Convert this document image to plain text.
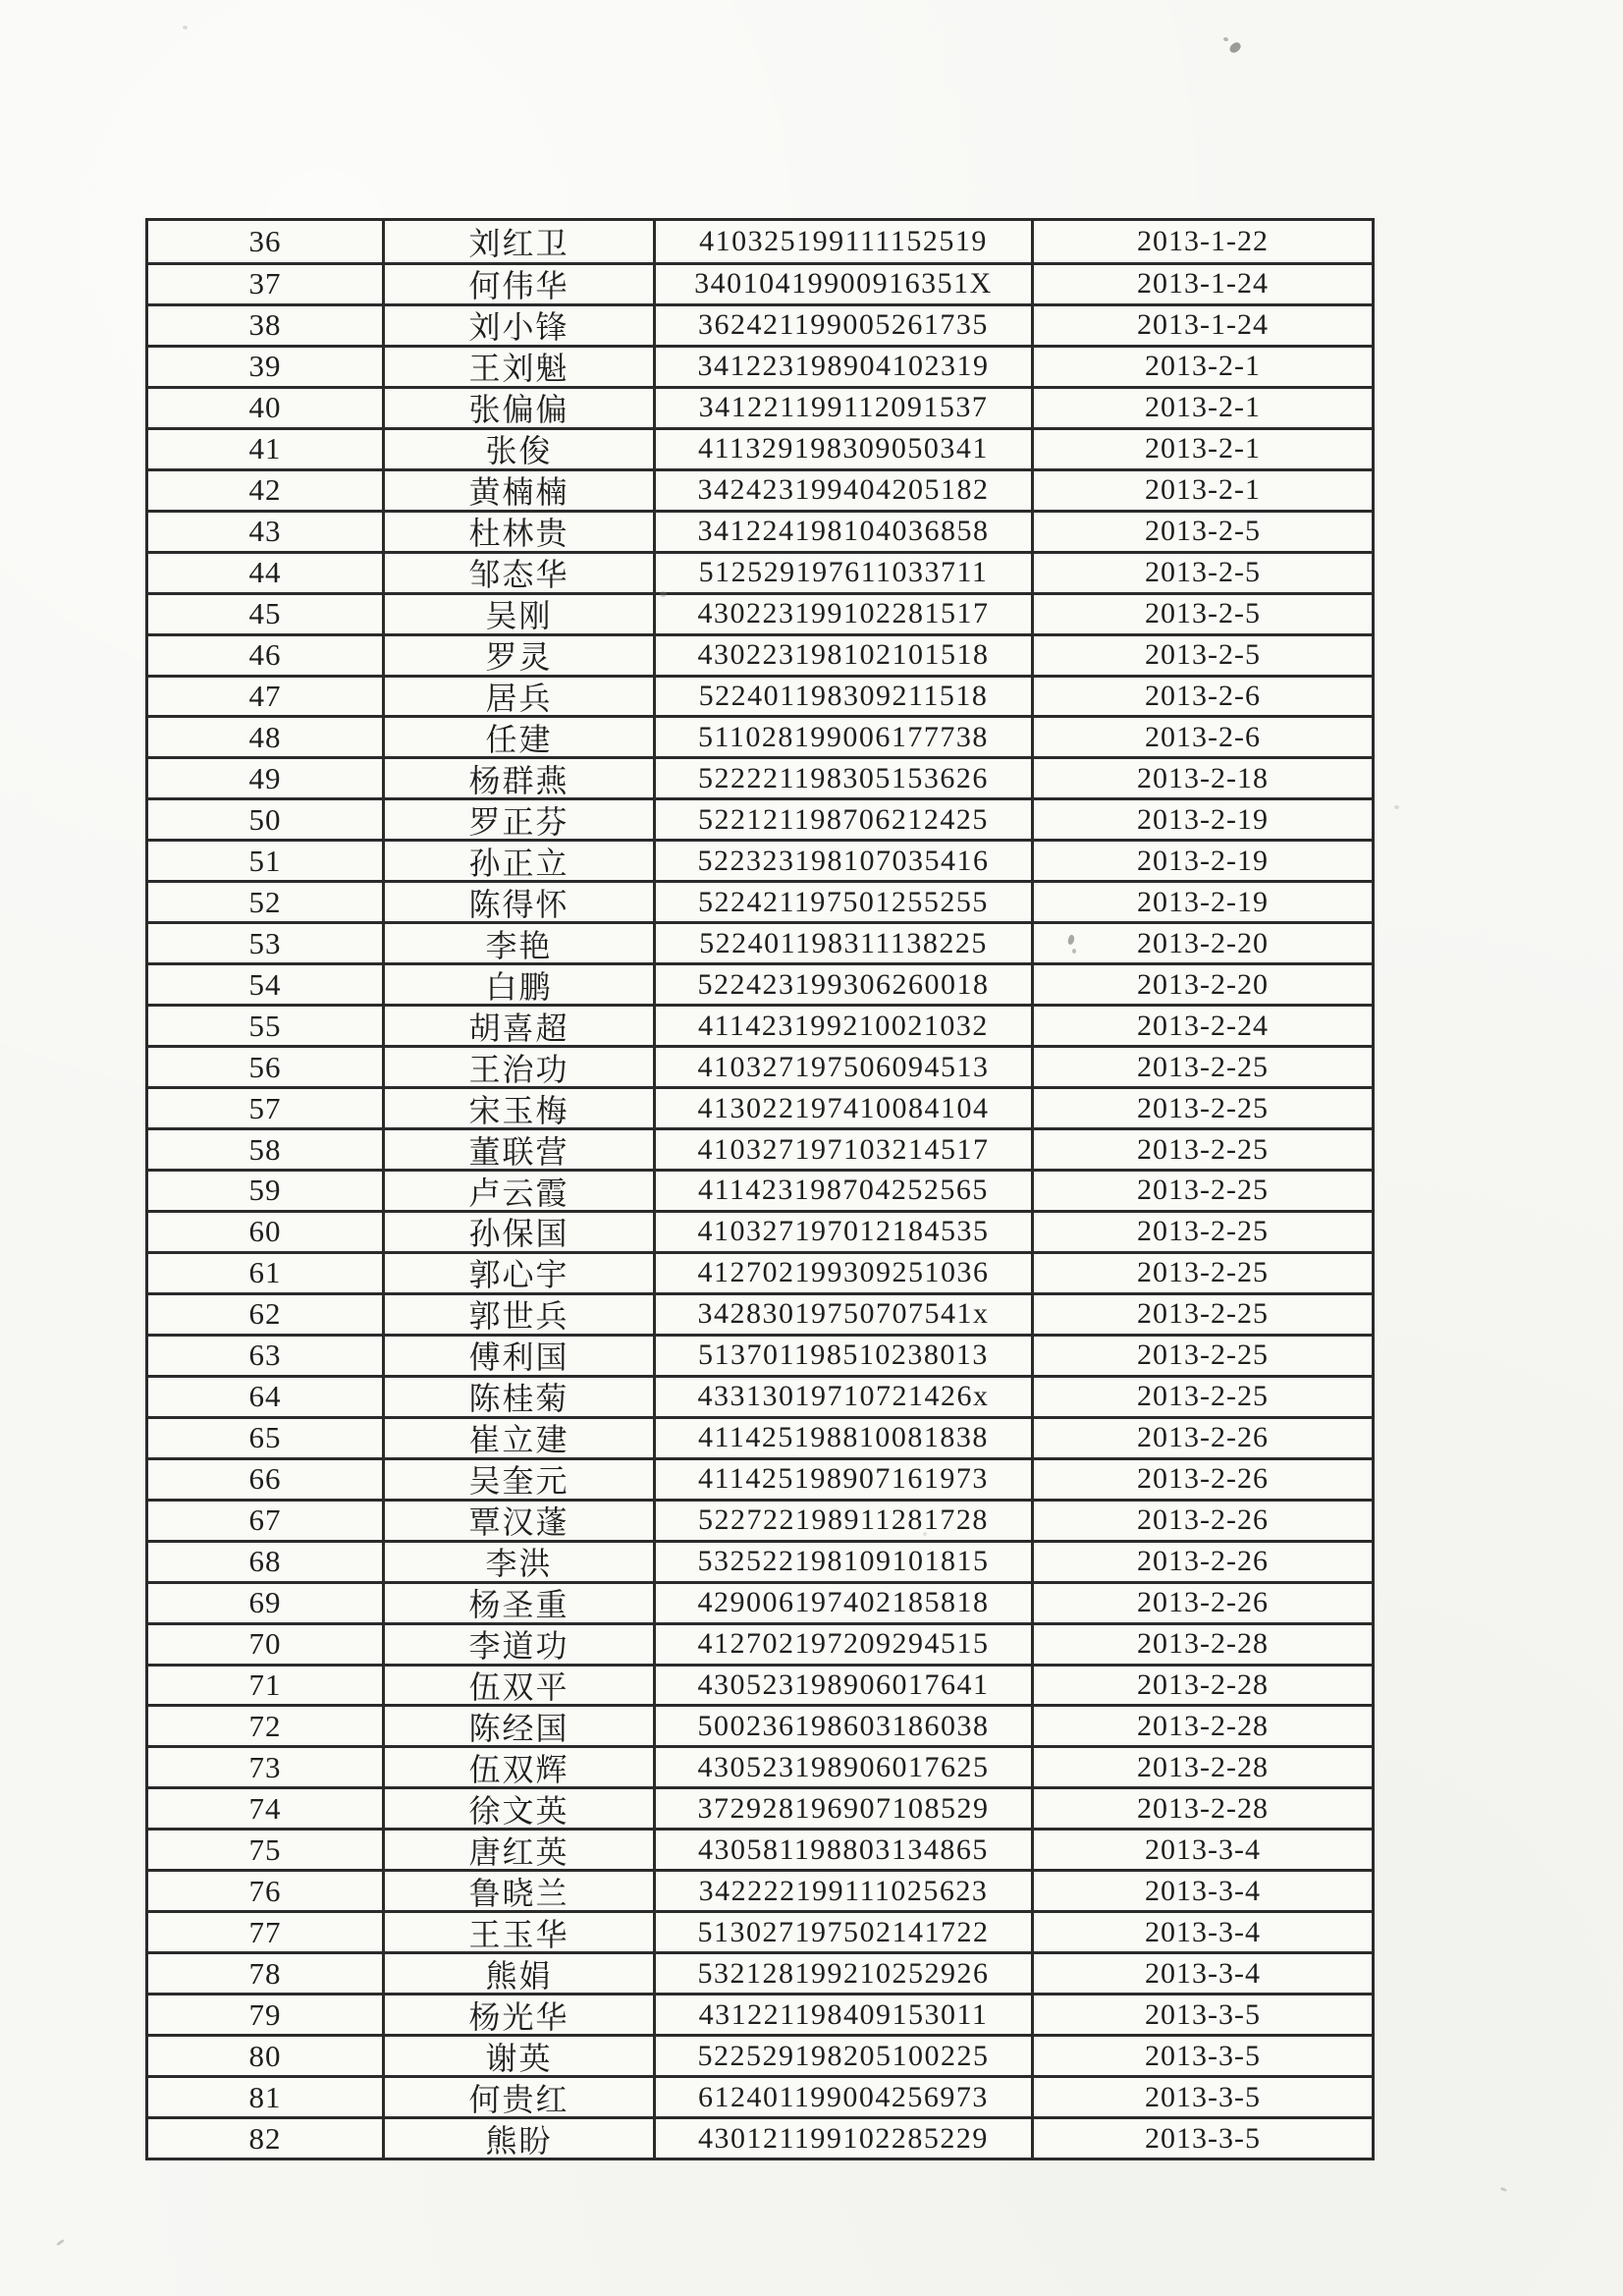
36	刘红卫	410325199111152519	2013-1-22
37	何伟华	34010419900916351X	2013-1-24
38	刘小锋	362421199005261735	2013-1-24
39	王刘魁	341223198904102319	2013-2-1
40	张偏偏	341221199112091537	2013-2-1
41	张俊	411329198309050341	2013-2-1
42	黄楠楠	342423199404205182	2013-2-1
43	杜林贵	341224198104036858	2013-2-5
44	邹态华	512529197611033711	2013-2-5
45	吴刚	430223199102281517	2013-2-5
46	罗灵	430223198102101518	2013-2-5
47	居兵	522401198309211518	2013-2-6
48	任建	511028199006177738	2013-2-6
49	杨群燕	522221198305153626	2013-2-18
50	罗正芬	522121198706212425	2013-2-19
51	孙正立	522323198107035416	2013-2-19
52	陈得怀	522421197501255255	2013-2-19
53	李艳	522401198311138225	2013-2-20
54	白鹏	522423199306260018	2013-2-20
55	胡喜超	411423199210021032	2013-2-24
56	王治功	410327197506094513	2013-2-25
57	宋玉梅	413022197410084104	2013-2-25
58	董联营	410327197103214517	2013-2-25
59	卢云霞	411423198704252565	2013-2-25
60	孙保国	410327197012184535	2013-2-25
61	郭心宇	412702199309251036	2013-2-25
62	郭世兵	34283019750707541x	2013-2-25
63	傅利国	513701198510238013	2013-2-25
64	陈桂菊	43313019710721426x	2013-2-25
65	崔立建	411425198810081838	2013-2-26
66	吴奎元	411425198907161973	2013-2-26
67	覃汉蓬	522722198911281728	2013-2-26
68	李洪	532522198109101815	2013-2-26
69	杨圣重	429006197402185818	2013-2-26
70	李道功	412702197209294515	2013-2-28
71	伍双平	430523198906017641	2013-2-28
72	陈经国	500236198603186038	2013-2-28
73	伍双辉	430523198906017625	2013-2-28
74	徐文英	372928196907108529	2013-2-28
75	唐红英	430581198803134865	2013-3-4
76	鲁晓兰	342222199111025623	2013-3-4
77	王玉华	513027197502141722	2013-3-4
78	熊娟	532128199210252926	2013-3-4
79	杨光华	431221198409153011	2013-3-5
80	谢英	522529198205100225	2013-3-5
81	何贵红	612401199004256973	2013-3-5
82	熊盼	430121199102285229	2013-3-5
